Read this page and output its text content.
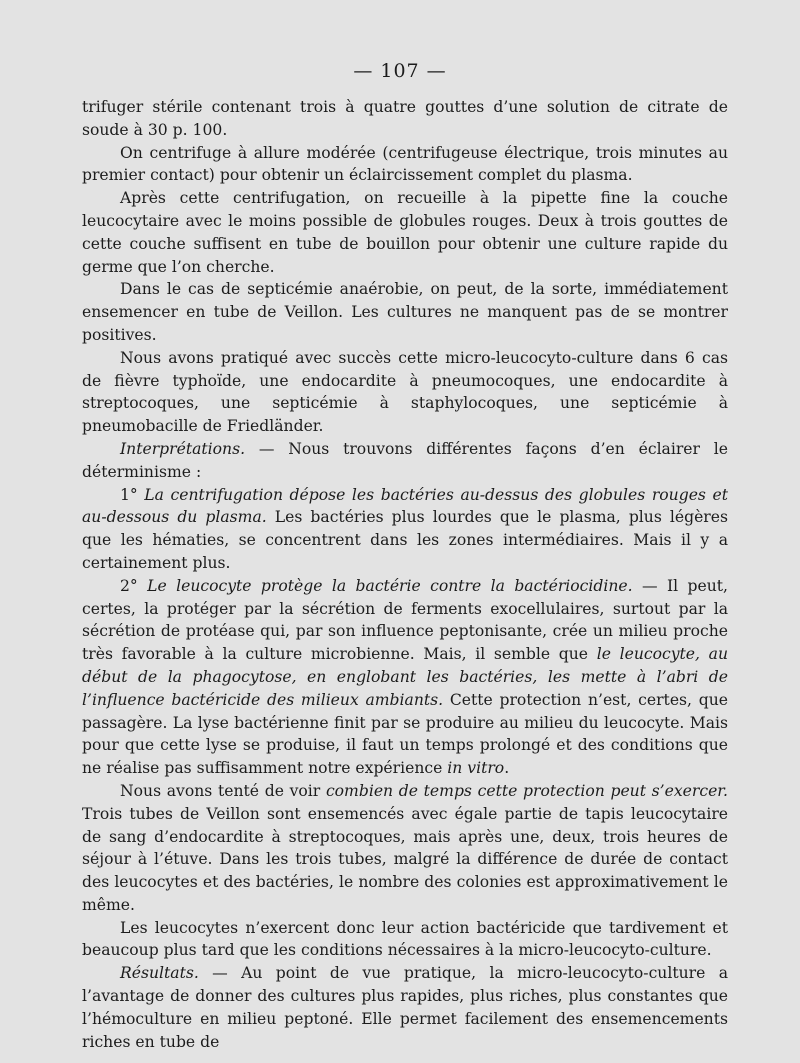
— 107 —

trifuger stérile contenant trois à quatre gouttes d’une solution de citrate de soude à 30 p. 100.

On centrifuge à allure modérée (centrifugeuse électrique, trois minutes au premier contact) pour obtenir un éclaircissement complet du plasma.

Après cette centrifugation, on recueille à la pipette fine la couche leucocytaire avec le moins possible de globules rouges. Deux à trois gouttes de cette couche suffisent en tube de bouillon pour obtenir une culture rapide du germe que l’on cherche.

Dans le cas de septicémie anaérobie, on peut, de la sorte, immédiatement ensemencer en tube de Veillon. Les cultures ne manquent pas de se montrer positives.

Nous avons pratiqué avec succès cette micro-leucocyto-culture dans 6 cas de fièvre typhoïde, une endocardite à pneumocoques, une endocardite à streptocoques, une septicémie à staphylocoques, une septicémie à pneumobacille de Friedländer.

Interprétations. — Nous trouvons différentes façons d’en éclairer le déterminisme :

1° La centrifugation dépose les bactéries au-dessus des globules rouges et au-dessous du plasma. Les bactéries plus lourdes que le plasma, plus légères que les hématies, se concentrent dans les zones intermédiaires. Mais il y a certainement plus.

2° Le leucocyte protège la bactérie contre la bactériocidine. — Il peut, certes, la protéger par la sécrétion de ferments exocellulaires, surtout par la sécrétion de protéase qui, par son influence peptonisante, crée un milieu proche très favorable à la culture microbienne. Mais, il semble que le leucocyte, au début de la phagocytose, en englobant les bactéries, les mette à l’abri de l’influence bactéricide des milieux ambiants. Cette protection n’est, certes, que passagère. La lyse bactérienne finit par se produire au milieu du leucocyte. Mais pour que cette lyse se produise, il faut un temps prolongé et des conditions que ne réalise pas suffisamment notre expérience in vitro.

Nous avons tenté de voir combien de temps cette protection peut s’exercer. Trois tubes de Veillon sont ensemencés avec égale partie de tapis leucocytaire de sang d’endocardite à streptocoques, mais après une, deux, trois heures de séjour à l’étuve. Dans les trois tubes, malgré la différence de durée de contact des leucocytes et des bactéries, le nombre des colonies est approximativement le même.

Les leucocytes n’exercent donc leur action bactéricide que tardivement et beaucoup plus tard que les conditions nécessaires à la micro-leucocyto-culture.

Résultats. — Au point de vue pratique, la micro-leucocyto-culture a l’avantage de donner des cultures plus rapides, plus riches, plus constantes que l’hémoculture en milieu peptoné. Elle permet facilement des ensemencements riches en tube de
